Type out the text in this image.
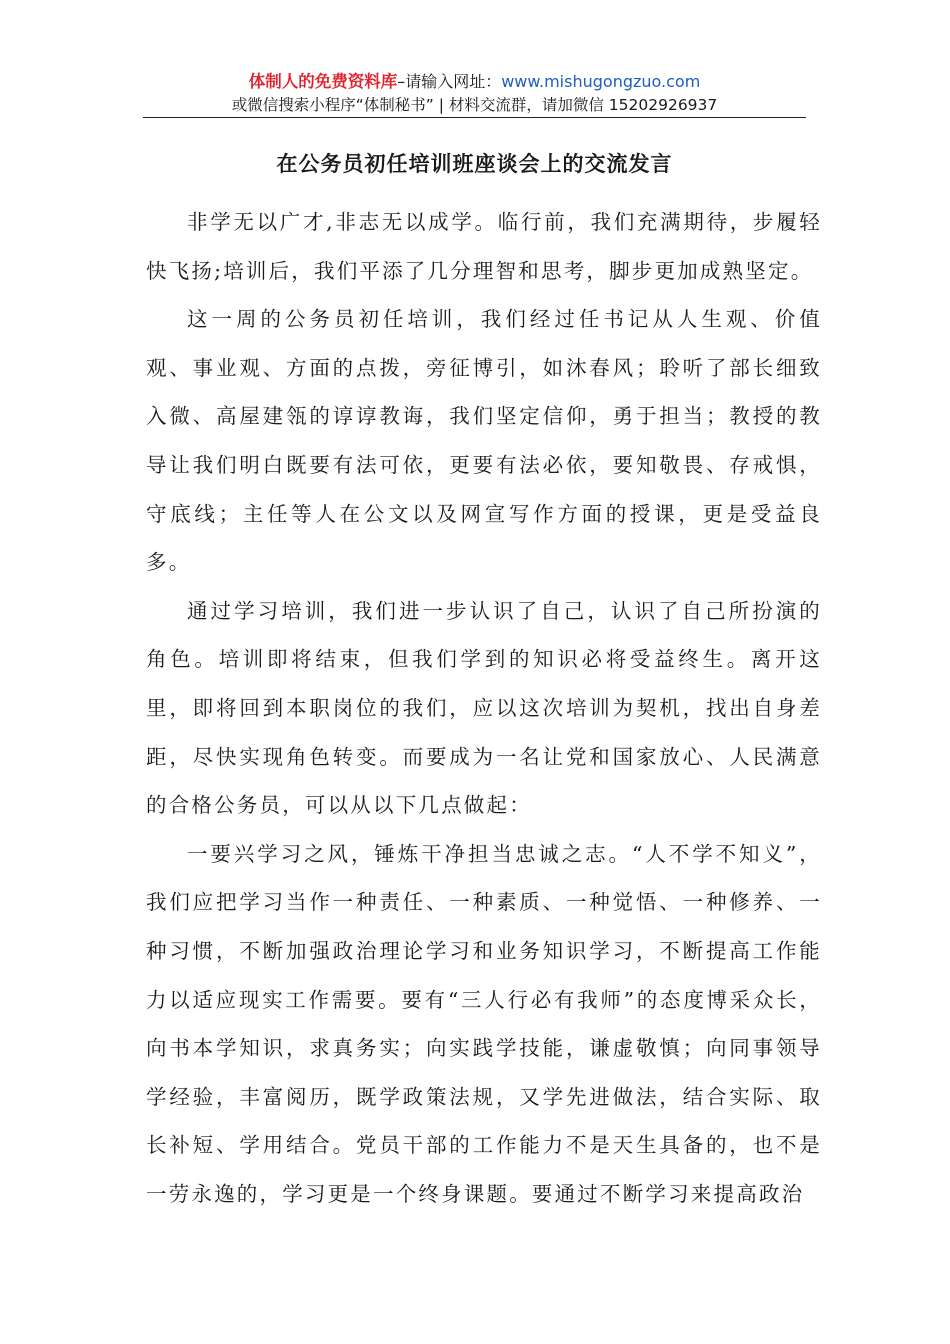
体制人的免费资料库–请输入网址：www.mishugongzuo.com
或微信搜索小程序“体制秘书” | 材料交流群，请加微信 15202926937
在公务员初任培训班座谈会上的交流发言

非学无以广才,非志无以成学。临行前，我们充满期待，步履轻快飞扬;培训后，我们平添了几分理智和思考，脚步更加成熟坚定。

这一周的公务员初任培训，我们经过任书记从人生观、价值观、事业观、方面的点拨，旁征博引，如沐春风；聆听了部长细致入微、高屋建瓴的谆谆教诲，我们坚定信仰，勇于担当；教授的教导让我们明白既要有法可依，更要有法必依，要知敬畏、存戒惧，守底线；主任等人在公文以及网宣写作方面的授课，更是受益良多。

通过学习培训，我们进一步认识了自己，认识了自己所扮演的角色。培训即将结束，但我们学到的知识必将受益终生。离开这里，即将回到本职岗位的我们，应以这次培训为契机，找出自身差距，尽快实现角色转变。而要成为一名让党和国家放心、人民满意的合格公务员，可以从以下几点做起：

一要兴学习之风，锤炼干净担当忠诚之志。“人不学不知义”，我们应把学习当作一种责任、一种素质、一种觉悟、一种修养、一种习惯，不断加强政治理论学习和业务知识学习，不断提高工作能力以适应现实工作需要。要有“三人行必有我师”的态度博采众长，向书本学知识，求真务实；向实践学技能，谦虚敬慎；向同事领导学经验，丰富阅历，既学政策法规，又学先进做法，结合实际、取长补短、学用结合。党员干部的工作能力不是天生具备的，也不是一劳永逸的，学习更是一个终身课题。要通过不断学习来提高政治
